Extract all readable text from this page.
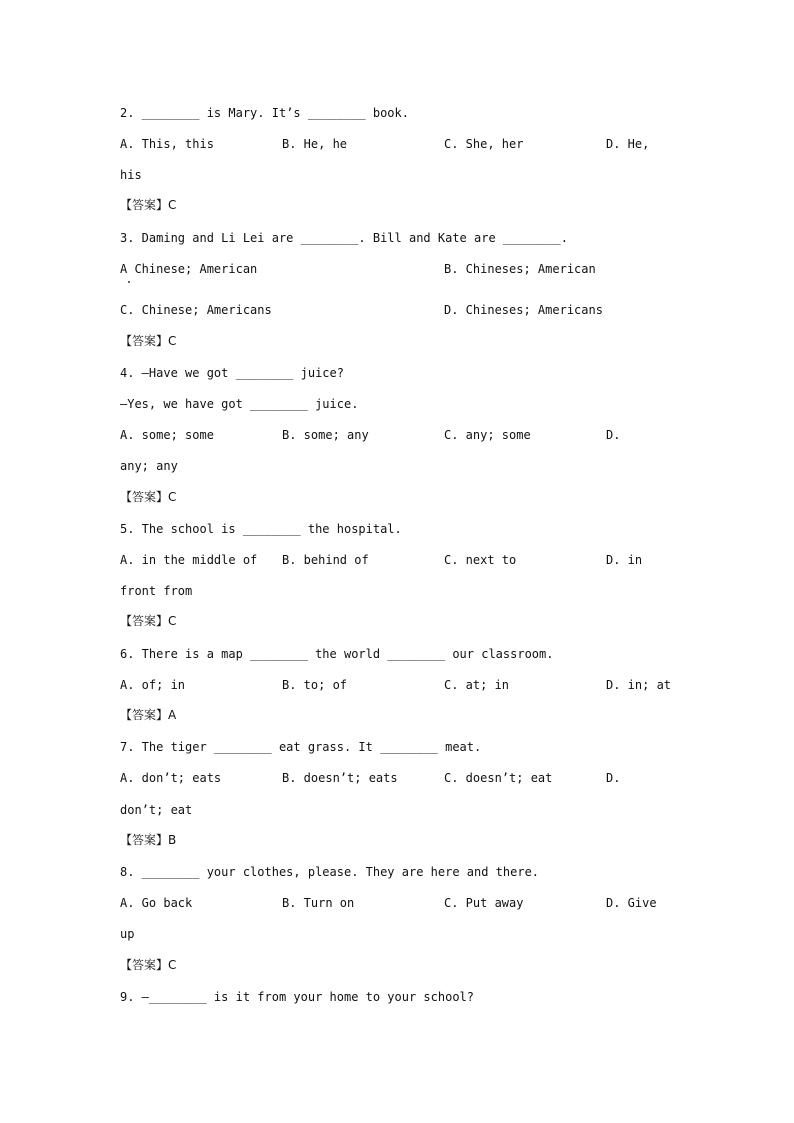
2. ________ is Mary. It’s ________ book.
A. This, this	B. He, he	C. She, her	D. He,
his
【答案】C
3. Daming and Li Lei are ________. Bill and Kate are ________.
A Chinese; American	B. Chineses; American
C. Chinese; Americans	D. Chineses; Americans
【答案】C
4. —Have we got ________ juice?
—Yes, we have got ________ juice.
A. some; some	B. some; any	C. any; some	D.
any; any
【答案】C
5. The school is ________ the hospital.
A. in the middle of B. behind of	C. next to	D. in
front from
【答案】C
6. There is a map ________ the world ________ our classroom.
A. of; in	B. to; of	C. at; in	D. in; at
【答案】A
7. The tiger ________ eat grass. It ________ meat.
A. don’t; eats	B. doesn’t; eats	C. doesn’t; eat	D.
don’t; eat
【答案】B
8. ________ your clothes, please. They are here and there.
A. Go back	B. Turn on	C. Put away	D. Give
up
【答案】C
9. —________ is it from your home to your school?
